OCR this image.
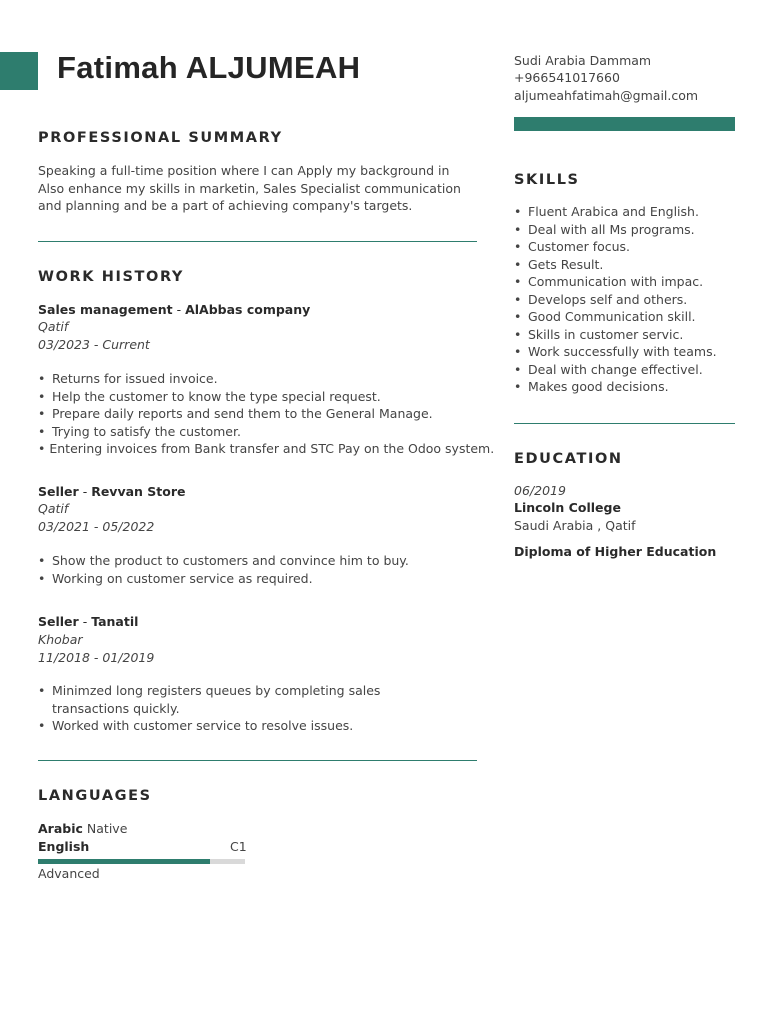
Fatimah ALJUMEAH
PROFESSIONAL SUMMARY

Speaking a full-time position where I can Apply my background in Also enhance my skills in marketin, Sales Specialist communication and planning and be a part of achieving company's targets.

WORK HISTORY
Sales management - AlAbbas company
Qatif
03/2023 - Current
• Returns for issued invoice.
• Help the customer to know the type special request.
• Prepare daily reports and send them to the General Manage.
• Trying to satisfy the customer.
• Entering invoices from Bank transfer and STC Pay on the Odoo system.
Seller - Revvan Store
Qatif
03/2021 - 05/2022
• Show the product to customers and convince him to buy.
• Working on customer service as required.
Seller - Tanatil
Khobar
11/2018 - 01/2019
• Minimzed long registers queues by completing sales transactions quickly.
• Worked with customer service to resolve issues.
LANGUAGES
Arabic Native
English	C1
Advanced
Sudi Arabia Dammam
+966541017660
aljumeahfatimah@gmail.com
SKILLS
• Fluent Arabica and English.
• Deal with all Ms programs.
• Customer focus.
• Gets Result.
• Communication with impac.
• Develops self and others.
• Good Communication skill.
• Skills in customer servic.
• Work successfully with teams.
• Deal with change effectivel.
• Makes good decisions.
EDUCATION
06/2019
Lincoln College
Saudi Arabia , Qatif
Diploma of Higher Education
